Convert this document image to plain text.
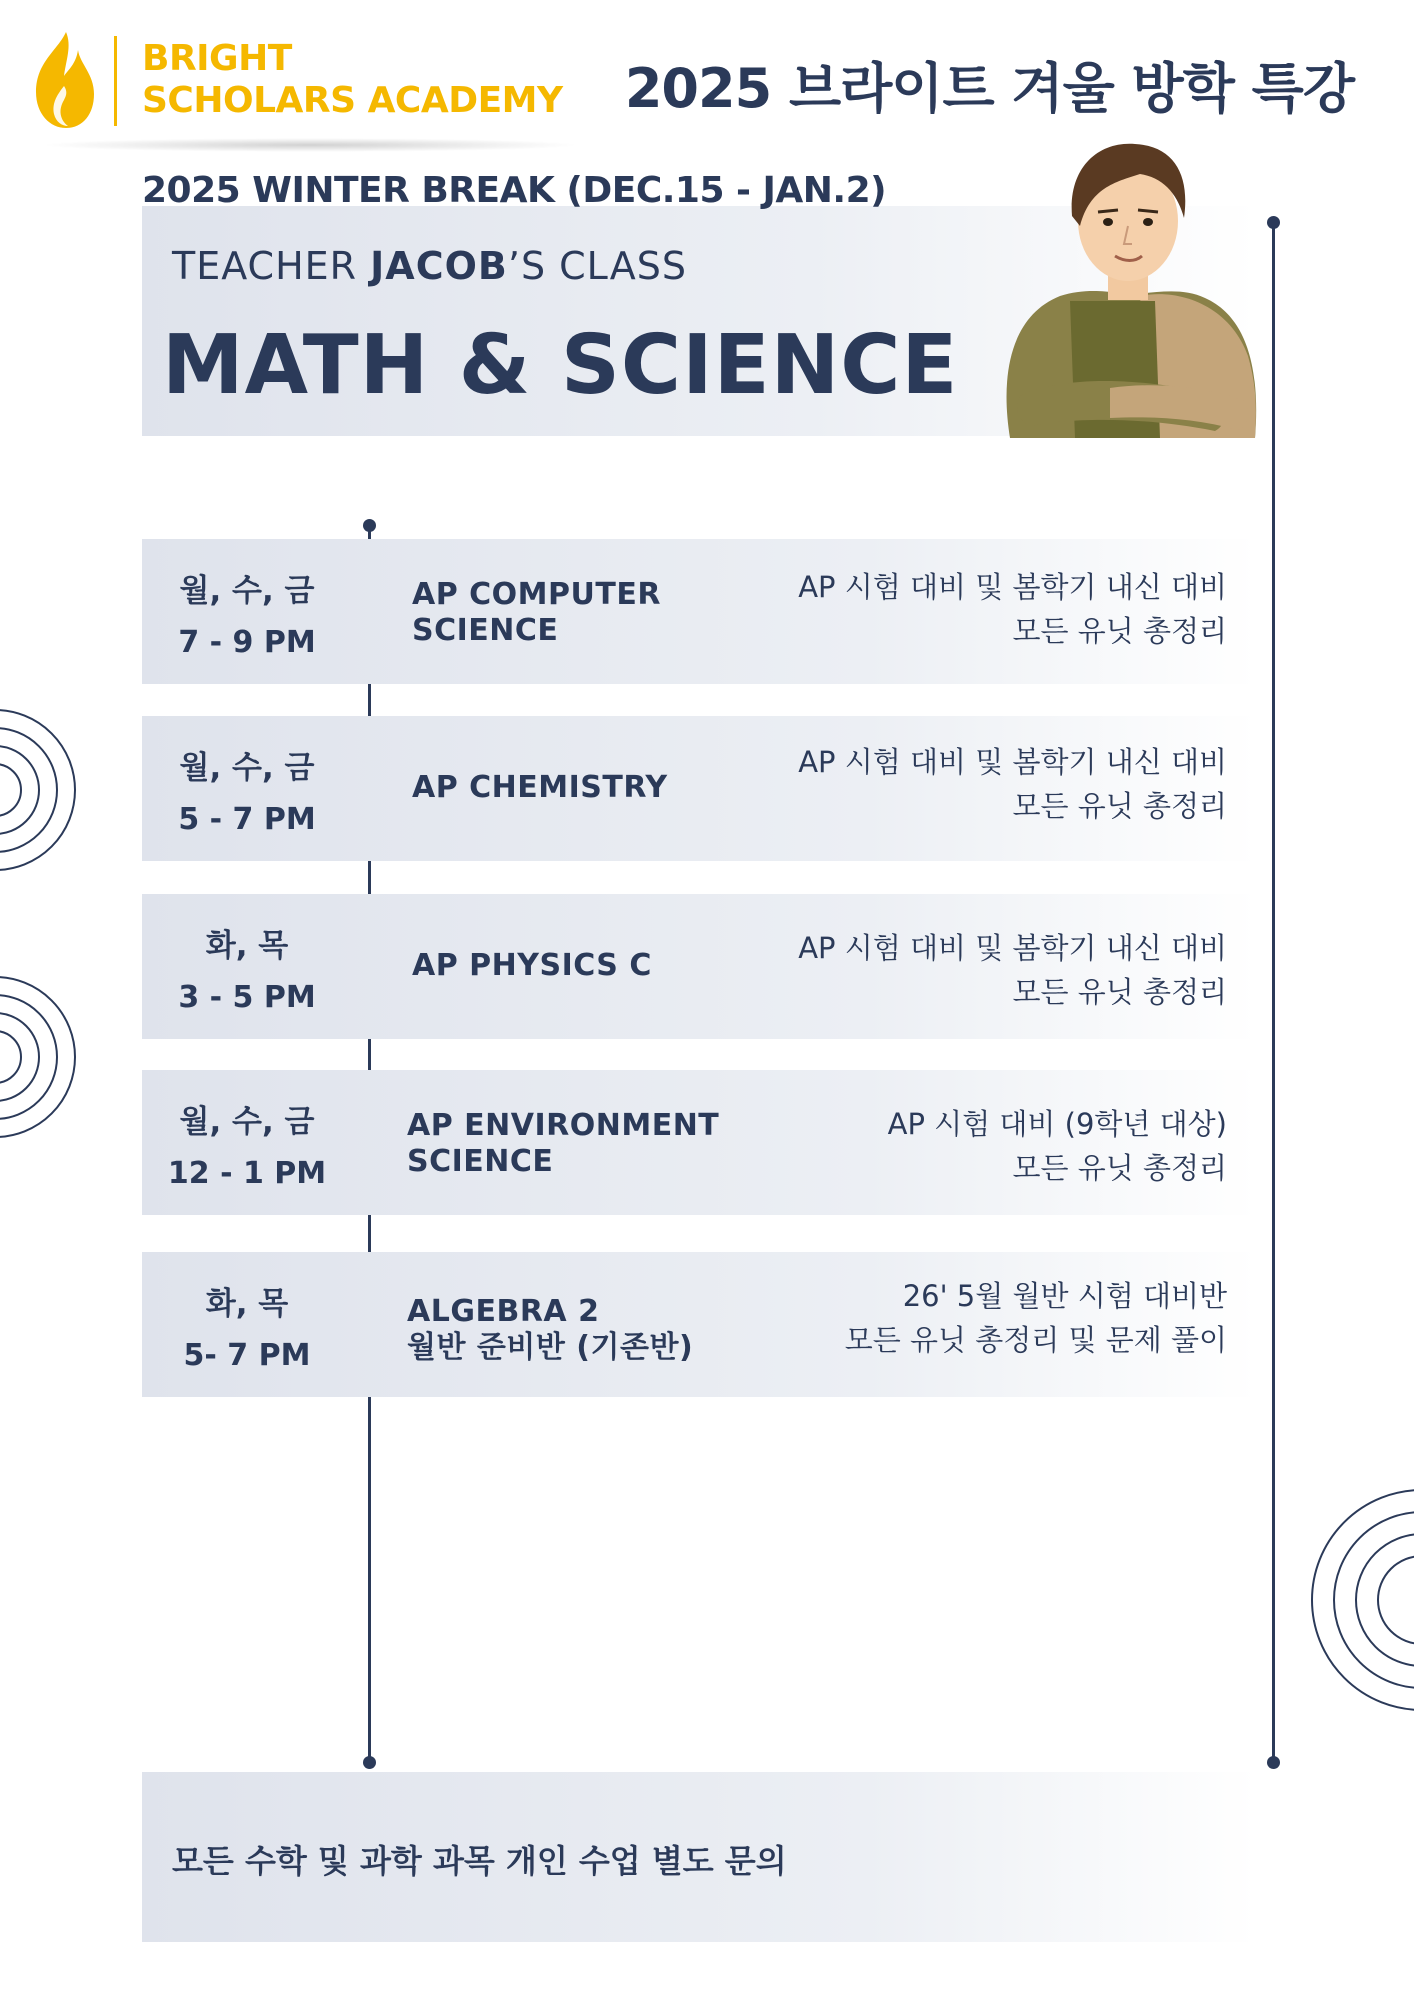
BRIGHT
SCHOLARS ACADEMY 2025 브라이트 겨울 방학 특강
2025 WINTER BREAK (DEC.15 - JAN.2)
TEACHER JACOB’S CLASS
MATH & SCIENCE
월, 수, 금
7 - 9 PM
AP COMPUTER
SCIENCE
AP 시험 대비 및 봄학기 내신 대비
모든 유닛 총정리
월, 수, 금
5 - 7 PM
AP CHEMISTRY
AP 시험 대비 및 봄학기 내신 대비
모든 유닛 총정리
화, 목
3 - 5 PM
AP PHYSICS C	AP 시험 대비 및 봄학기 내신 대비
모든 유닛 총정리
월, 수, 금
12 - 1 PM
AP ENVIRONMENT
SCIENCE
AP 시험 대비 (9학년 대상)
모든 유닛 총정리
화, 목
5- 7 PM
ALGEBRA 2
월반 준비반 (기존반)
26' 5월 월반 시험 대비반
모든 유닛 총정리 및 문제 풀이
모든 수학 및 과학 과목 개인 수업 별도 문의
